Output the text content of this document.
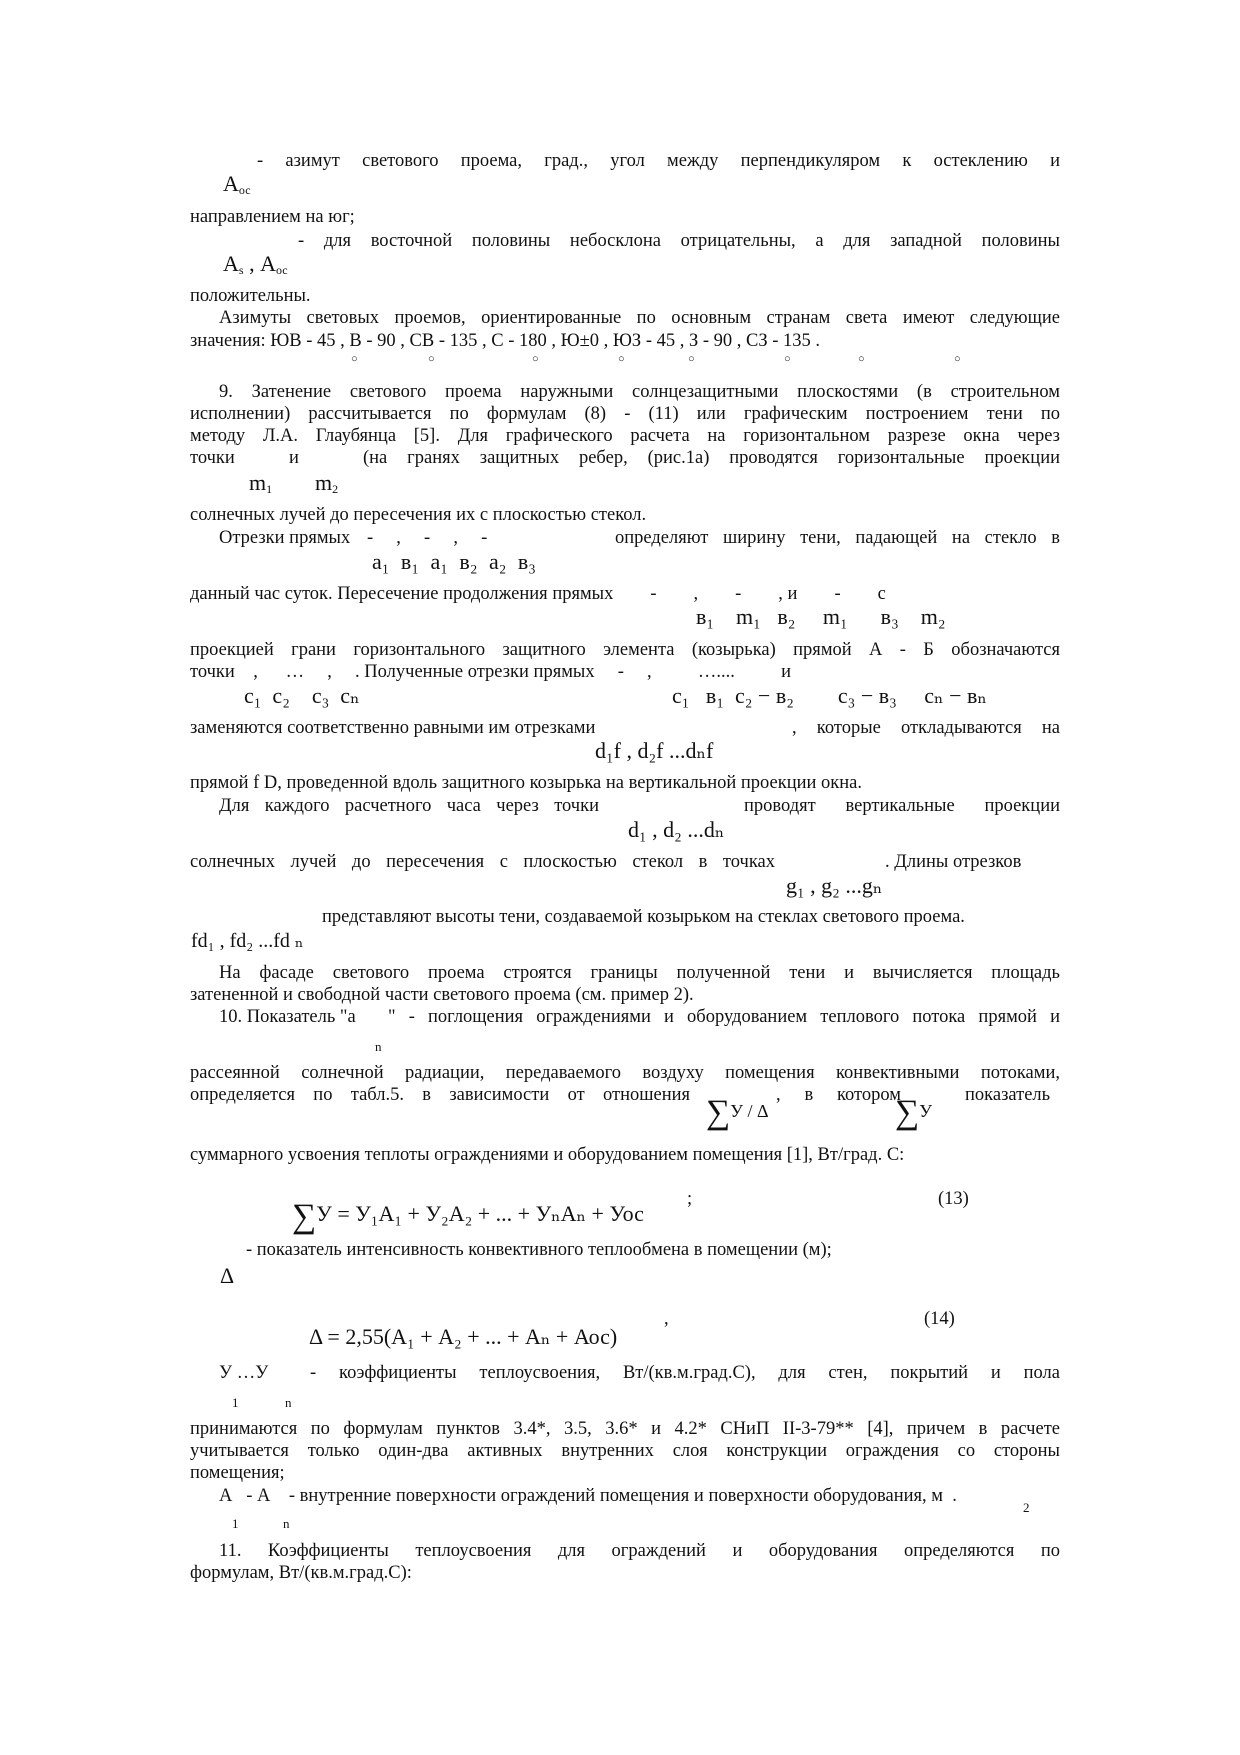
- азимут светового проема, град., угол между перпендикуляром к остеклению и
$А_{ос}$
направлением на юг;
- для восточной половины небосклона отрицательны, а для западной половины
$А_s$ , $А_{ос}$
положительны.
Азимуты световых проемов, ориентированные по основным странам света имеют следующие
значения: ЮВ - 45 , В - 90 , СВ - 135 , С - 180 , Ю±0 , ЮЗ - 45 , З - 90 , СЗ - 135 .
○	○	○	○	○	○	○	○
9. Затенение светового проема наружными солнцезащитными плоскостями (в строительном
исполнении) рассчитывается по формулам (8) - (11) или графическим построением тени по
методу Л.А. Глаубянца [5]. Для графического расчета на горизонтальном разрезе окна через
точки	и	(на гранях защитных ребер, (рис.1а) проводятся горизонтальные проекции
$m_1$ $m_2$
солнечных лучей до пересечения их с плоскостью стекол.
Отрезки прямых -     ,     -     ,     -	определяют ширину тени, падающей на стекло в
a₁ в₁ a₁ в₂ a₂ в₃
данный час суток. Пересечение продолжения прямых        -        ,        -        , и        -        с
в₁    m₁   в₂     m₁      в₃    m₂
проекцией грани горизонтального защитного элемента (козырька) прямой А - Б обозначаются
точки    ,      …     ,     . Полученные отрезки прямых     -     ,          …....          и
c₁  c₂    c₃  cₙ	c₁   в₁  c₂ − в₂        c₃ − в₃     cₙ − вₙ
заменяются соответственно равными им отрезками	, которые откладываются на
d₁f , d₂f ...dₙf
прямой f D, проведенной вдоль защитного козырька на вертикальной проекции окна.
Для каждого расчетного часа через точки	проводят вертикальные проекции
d₁ , d₂ ...dₙ
солнечных лучей до пересечения с плоскостью стекол в точках	. Длины отрезков
g₁ , g₂ ...gₙ
представляют высоты тени, создаваемой козырьком на стеклах светового проема.
fd₁ , fd₂ ...fd ₙ
На фасаде светового проема строятся границы полученной тени и вычисляется площадь
затененной и свободной части светового проема (см. пример 2).
10. Показатель "а	" - поглощения ограждениями и оборудованием теплового потока прямой и
n
рассеянной солнечной радиации, передаваемого воздуху помещения конвективными потоками,
определяется по табл.5. в зависимости от отношения	, в котором	показатель
∑У / Δ	∑У
суммарного усвоения теплоты ограждениями и оборудованием помещения [1], Вт/град. С:
∑У = У₁А₁ + У₂А₂ + ... + УₙАₙ + Уос
;	(13)
- показатель интенсивность конвективного теплообмена в помещении (м);
Δ
Δ = 2,55(А₁ + А₂ + ... + Аₙ + Аос)
,	(14)
У …У	- коэффициенты теплоусвоения, Вт/(кв.м.град.С), для стен, покрытий и пола
1	n
принимаются по формулам пунктов 3.4*, 3.5, 3.6* и 4.2* СНиП II-3-79** [4], причем в расчете
учитывается только один-два активных внутренних слоя конструкции ограждения со стороны
помещения;
А   - А    - внутренние поверхности ограждений помещения и поверхности оборудования, м  .
2
1	n
11. Коэффициенты теплоусвоения для ограждений и оборудования определяются по
формулам, Вт/(кв.м.град.С):
